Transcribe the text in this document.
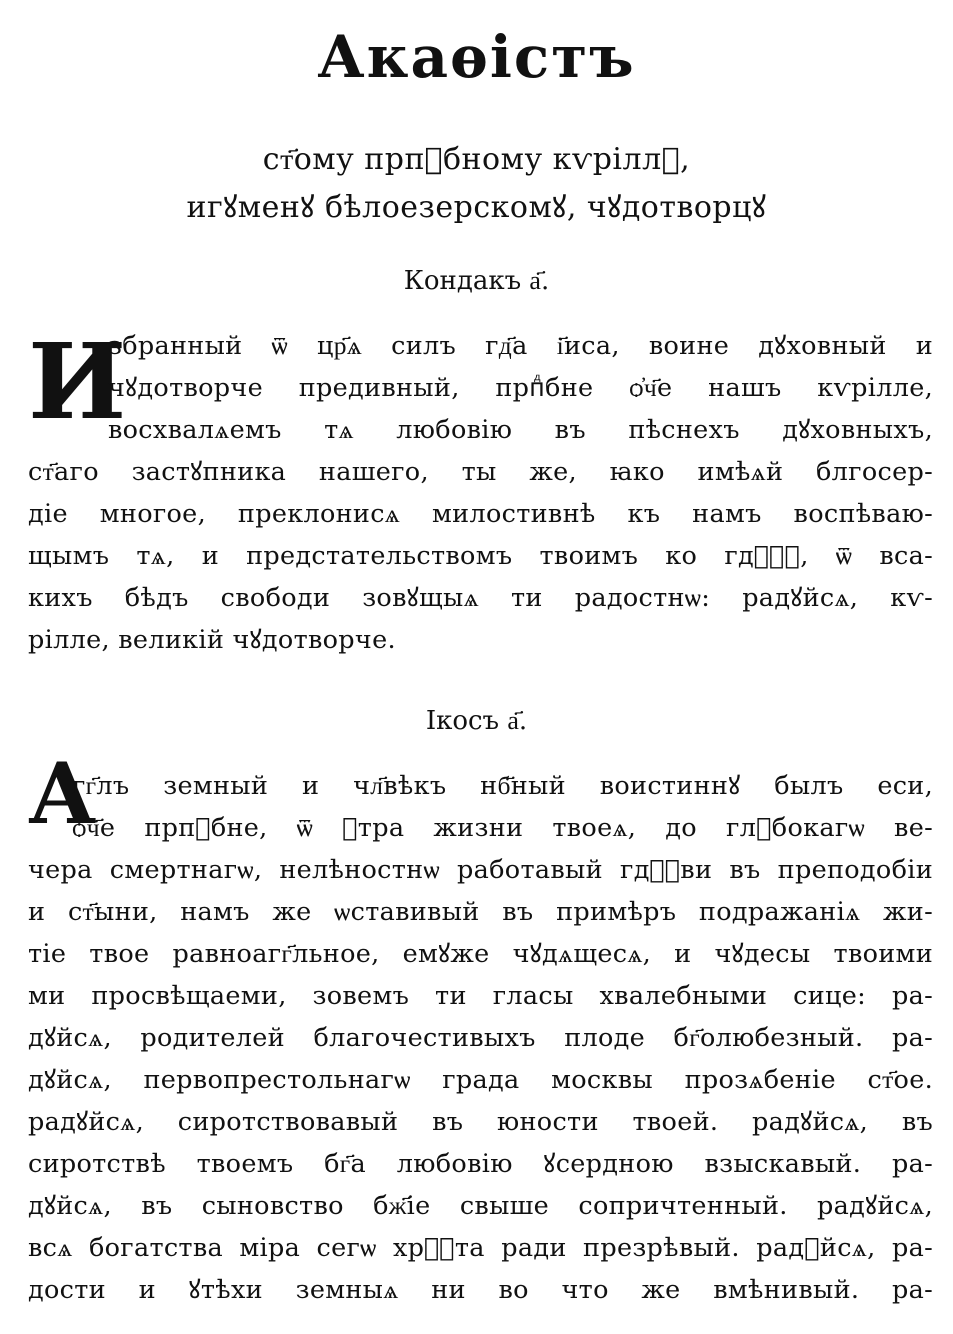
Акаѳістъ
ст҃ому прпⷣбному кѵріллꙋ,
игꙋменꙋ бѣлоезерскомꙋ, чꙋдотворцꙋ
Кондакъ а҃.
И
збранный ѿ цр҃ѧ силъ гд҃а і҃иса, воине дꙋховный и
чꙋдотворче предивный, прпⷣбне ѻ҆ч҃е нашъ кѵрілле,
восхвалѧемъ тѧ любовію въ пѣснехъ дꙋховныхъ,
ст҃аго застꙋпника нашего, ты же, ꙗко имѣѧй блгосер-
діе многое, преклонисѧ милостивнѣ къ намъ воспѣваю-
щымъ тѧ, и предстательствомъ твоимъ ко гдⷭ҇ꙋ, ѿ вса-
кихъ бѣдъ свободи зовꙋщыѧ ти радостнѡ: радꙋйсѧ, кѵ-
рілле, великій чꙋдотворче.
Ікосъ а҃.
А
гг҃лъ земный и чл҃вѣкъ нб҃ный воистиннꙋ былъ еси,
ѻ҆ч҃е прпⷣбне, ѿ ꙋтра жизни твоеѧ, до глꙋбокагѡ ве-
чера смертнагѡ, нелѣностнѡ работавый гдⷭ҇ви въ преподобіи
и ст҃ыни, намъ же ѡставивый въ примѣръ подражаніѧ жи-
тіе твое равноагг҃льное, емꙋже чꙋдѧщесѧ, и чꙋдесы твоими
ми просвѣщаеми, зовемъ ти гласы хвалебными сице: ра-
дꙋйсѧ, родителей благочестивыхъ плоде бг҃олюбезный. ра-
дꙋйсѧ, первопрестольнагѡ града москвы прозѧбеніе ст҃ое.
радꙋйсѧ, сиротствовавый въ юности твоей. радꙋйсѧ, въ
сиротствѣ твоемъ бг҃а любовію ꙋсердною взыскавый. ра-
дꙋйсѧ, въ сыновство бж҃іе свыше сопричтенный. радꙋйсѧ,
всѧ богатства міра сегѡ хрⷭ҇та ради презрѣвый. радꙋйсѧ, ра-
дости и ꙋтѣхи земныѧ ни во что же вмѣнивый. ра-
